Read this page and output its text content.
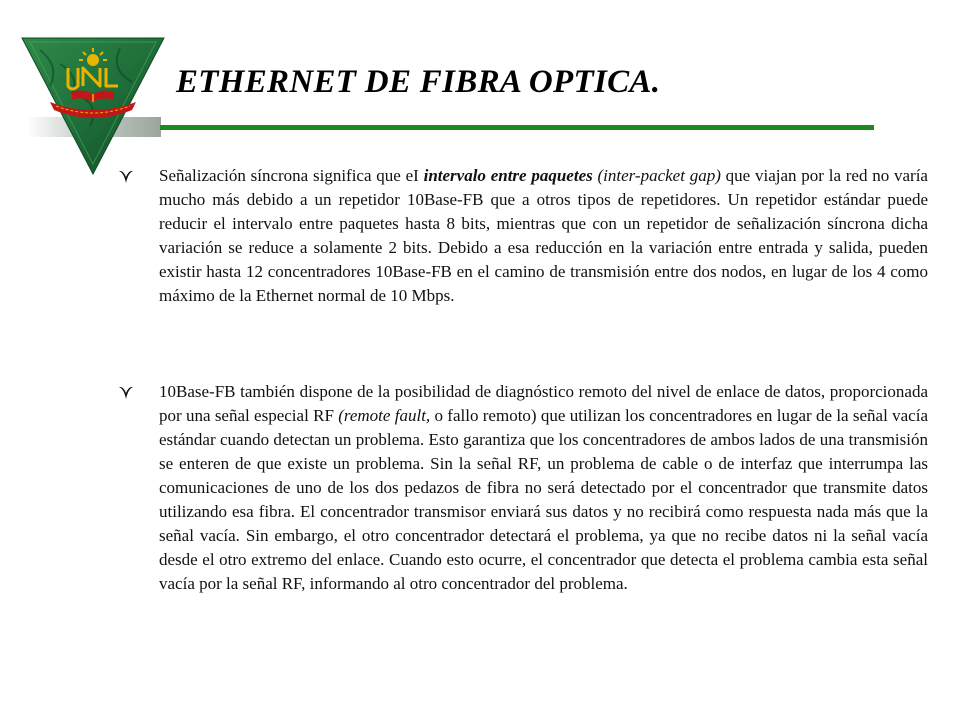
ETHERNET DE FIBRA OPTICA.
Señalización síncrona significa que eI intervalo entre paquetes (inter-packet gap) que viajan por la red no varía mucho más debido a un repetidor 10Base-FB que a otros tipos de repetidores. Un repetidor estándar puede reducir el intervalo entre paquetes hasta 8 bits, mientras que con un repetidor de señalización síncrona dicha variación se reduce a solamente 2 bits. Debido a esa reducción en la variación entre entrada y salida, pueden existir hasta 12 concentradores 10Base-FB en el camino de transmisión entre dos nodos, en lugar de los 4 como máximo de la Ethernet normal de 10 Mbps.
10Base-FB también dispone de la posibilidad de diagnóstico remoto del nivel de enlace de datos, proporcionada por una señal especial RF (remote fault, o fallo remoto) que utilizan los concentradores en lugar de la señal vacía estándar cuando detectan un problema. Esto garantiza que los concentradores de ambos lados de una transmisión se enteren de que existe un problema. Sin la señal RF, un problema de cable o de interfaz que interrumpa las comunicaciones de uno de los dos pedazos de fibra no será detectado por el concentrador que transmite datos utilizando esa fibra. El concentrador transmisor enviará sus datos y no recibirá como respuesta nada más que la señal vacía. Sin embargo, el otro concentrador detectará el problema, ya que no recibe datos ni la señal vacía desde el otro extremo del enlace. Cuando esto ocurre, el concentrador que detecta el problema cambia esta señal vacía por la señal RF, informando al otro concentrador del problema.
